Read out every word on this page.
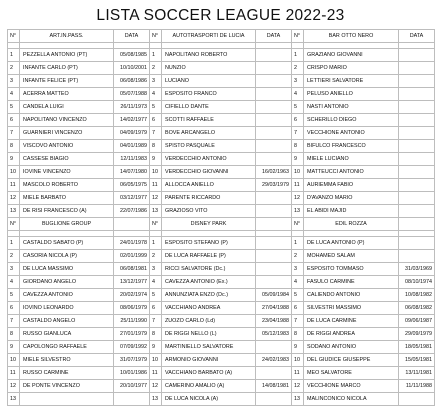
LISTA SOCCER LEAGUE 2022-23
N°	ART.IN.PASS.	DATA	N°	AUTOTRASPORTI DE LUCIA	DATA	N°	BAR OTTO NERO	DATA

1	PEZZELLA ANTONIO (PT)	05/08/1985	1	NAPOLITANO ROBERTO		1	GRAZIANO GIOVANNI	
2	INFANTE CARLO (PT)	10/10/2001	2	NUNZIO		2	CRISPO MARIO	
3	INFANTE FELICE (PT)	06/08/1986	3	LUCIANO		3	LETTIERI SALVATORE	
4	ACERRA MATTEO	05/07/1988	4	ESPOSITO FRANCO		4	PELUSO ANIELLO	
5	CANDELA LUIGI	26/11/1973	5	CIFIELLO DANTE		5	NASTI ANTONIO	
6	NAPOLITANO VINCENZO	14/02/1977	6	SCOTTI RAFFAELE		6	SCHERILLO DIEGO	
7	GUARNIERI VINCENZO	04/09/1979	7	BOVE ARCANGELO		7	VECCHIONE ANTONIO	
8	VISCOVO ANTONIO	04/01/1989	8	SPISTO PASQUALE		8	BIFULCO FRANCESCO	
9	CASSESE BIAGIO	12/11/1983	9	VERDECCHIO ANTONIO		9	MIELE LUCIANO	
10	IOVINE VINCENZO	14/07/1980	10	VERDECCHIO GIOVANNI	16/02/1963	10	MATTEUCCI ANTONIO	
11	MASCOLO ROBERTO	06/05/1975	11	ALLOCCA ANIELLO	29/03/1979	11	AURIEMMA FABIO	
12	MIELE BARBATO	03/12/1977	12	PARENTE RICCARDO		12	D'AVANZO MARIO	
13	DE RISI FRANCESCO (A)	22/07/1986	13	GRAZIOSO VITO		13	EL ABIDI MAJID	
N°	BUGLIONE GROUP		N°	DISNEY PARK		N°	EDIL ROZZA	

1	CASTALDO SABATO (P)	24/01/1978	1	ESPOSITO STEFANO (P)		1	DE LUCA ANTONIO (P)	
2	CASORIA NICOLA (P)	02/01/1999	2	DE LUCA RAFFAELE (P)		2	MOHAMED SALAM	
3	DE LUCA MASSIMO	06/08/1981	3	RICCI SALVATORE (Dc.)		3	ESPOSITO TOMMASO	31/03/1969
4	GIORDANO ANGELO	13/12/1977	4	CAVEZZA ANTONIO (Ex.)		4	FASULO CARMINE	08/10/1974
5	CAVEZZA ANTONIO	20/02/1974	5	ANNUNZIATA ENZO (Dc.)	05/09/1984	5	CALIENDO ANTONIO	10/08/1982
6	IOVINO LEONARDO	08/06/1979	6	VACCHIANO ANDREA	27/04/1988	6	SILVESTRI MASSIMO	06/08/1982
7	CASTALDO ANGELO	25/11/1990	7	ZUOZO CARLO (Ld)	23/04/1988	7	DE LUCA CARMINE	09/06/1987
8	RUSSO GIANLUCA	27/01/1979	8	DE RIGGI NELLO (L)	05/12/1983	8	DE RIGGI ANDREA	29/09/1979
9	CAPOLONGO RAFFAELE	07/09/1992	9	MARTINIELLO SALVATORE		9	SODANO ANTONIO	18/05/1981
10	MIELE SILVESTRO	31/07/1979	10	ARMONIO GIOVANNI	24/02/1983	10	DEL GIUDICE GIUSEPPE	15/05/1981
11	RUSSO CARMINE	10/01/1986	11	VACCHIANO BARBATO (A)		11	MEO SALVATORE	13/11/1981
12	DE PONTE VINCENZO	20/10/1977	12	CAMERINO AMALIO (A)	14/08/1981	12	VECCHIONE MARCO	11/11/1988
13			13	DE LUCA NICOLA (A)		13	MALINCONICO NICOLA	
